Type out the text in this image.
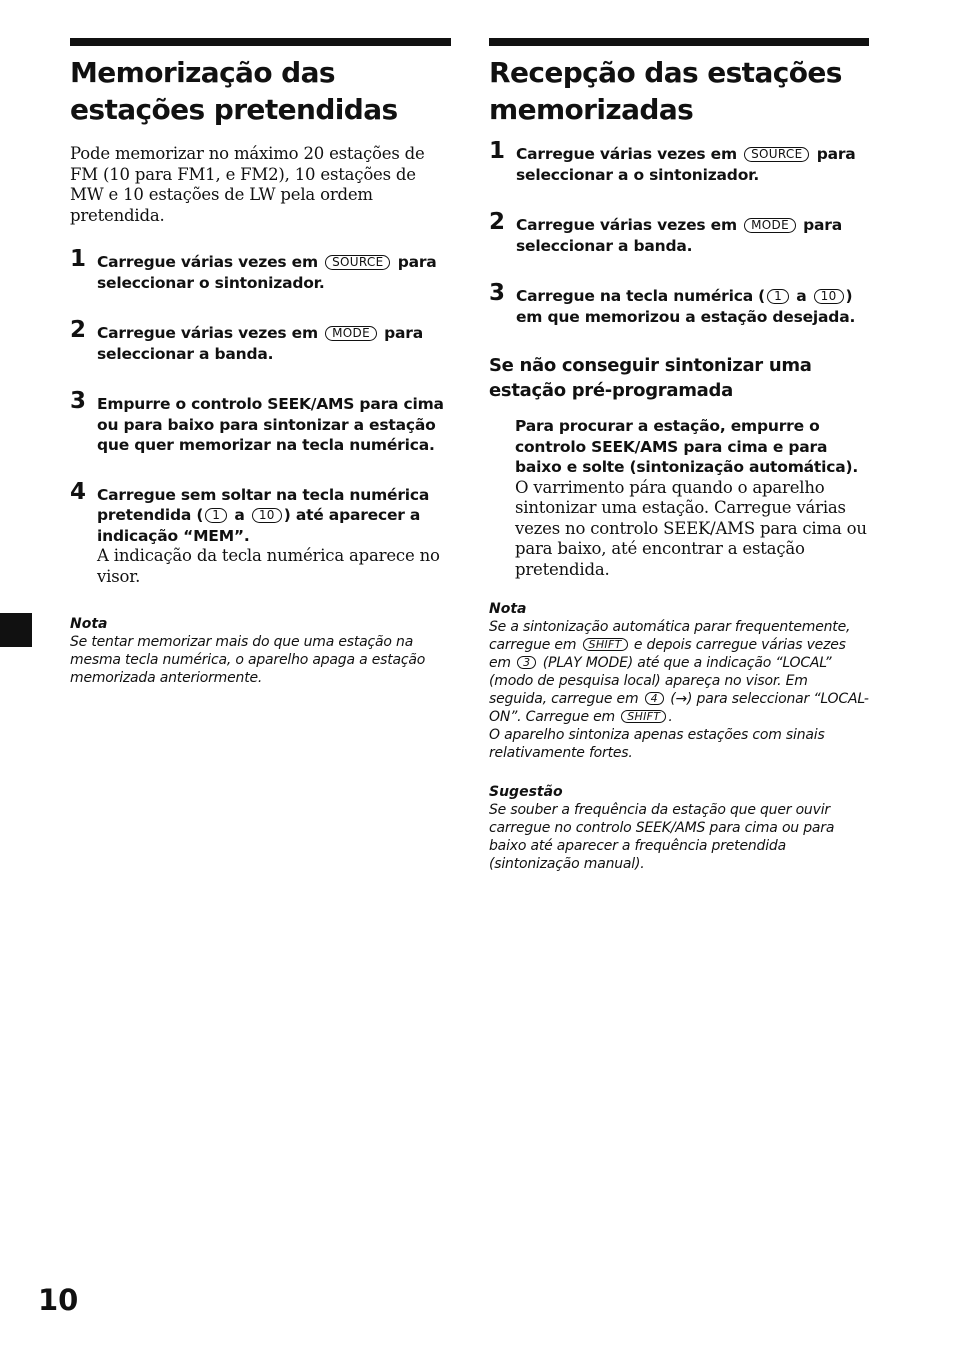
Memorização das estações pretendidas

Pode memorizar no máximo 20 estações de FM (10 para FM1, e FM2), 10 estações de MW e 10 estações de LW pela ordem pretendida.

1 Carregue várias vezes em SOURCE para seleccionar o sintonizador.
2 Carregue várias vezes em MODE para seleccionar a banda.
3 Empurre o controlo SEEK/AMS para cima ou para baixo para sintonizar a estação que quer memorizar na tecla numérica.
4 Carregue sem soltar na tecla numérica pretendida ( 1 a 10 ) até aparecer a indicação “MEM”.
A indicação da tecla numérica aparece no visor.
Nota
Se tentar memorizar mais do que uma estação na mesma tecla numérica, o aparelho apaga a estação memorizada anteriormente.
Recepção das estações memorizadas
1 Carregue várias vezes em SOURCE para seleccionar a o sintonizador.
2 Carregue várias vezes em MODE para seleccionar a banda.
3 Carregue na tecla numérica ( 1 a 10 ) em que memorizou a estação desejada.
Se não conseguir sintonizar uma estação pré-programada
Para procurar a estação, empurre o controlo SEEK/AMS para cima e para baixo e solte (sintonização automática).
O varrimento pára quando o aparelho sintonizar uma estação. Carregue várias vezes no controlo SEEK/AMS para cima ou para baixo, até encontrar a estação pretendida.
Nota
Se a sintonização automática parar frequentemente, carregue em SHIFT e depois carregue várias vezes em 3 (PLAY MODE) até que a indicação “LOCAL” (modo de pesquisa local) apareça no visor. Em seguida, carregue em 4 (→) para seleccionar “LOCAL-ON”. Carregue em SHIFT .
O aparelho sintoniza apenas estações com sinais relativamente fortes.
Sugestão
Se souber a frequência da estação que quer ouvir carregue no controlo SEEK/AMS para cima ou para baixo até aparecer a frequência pretendida (sintonização manual).
10
